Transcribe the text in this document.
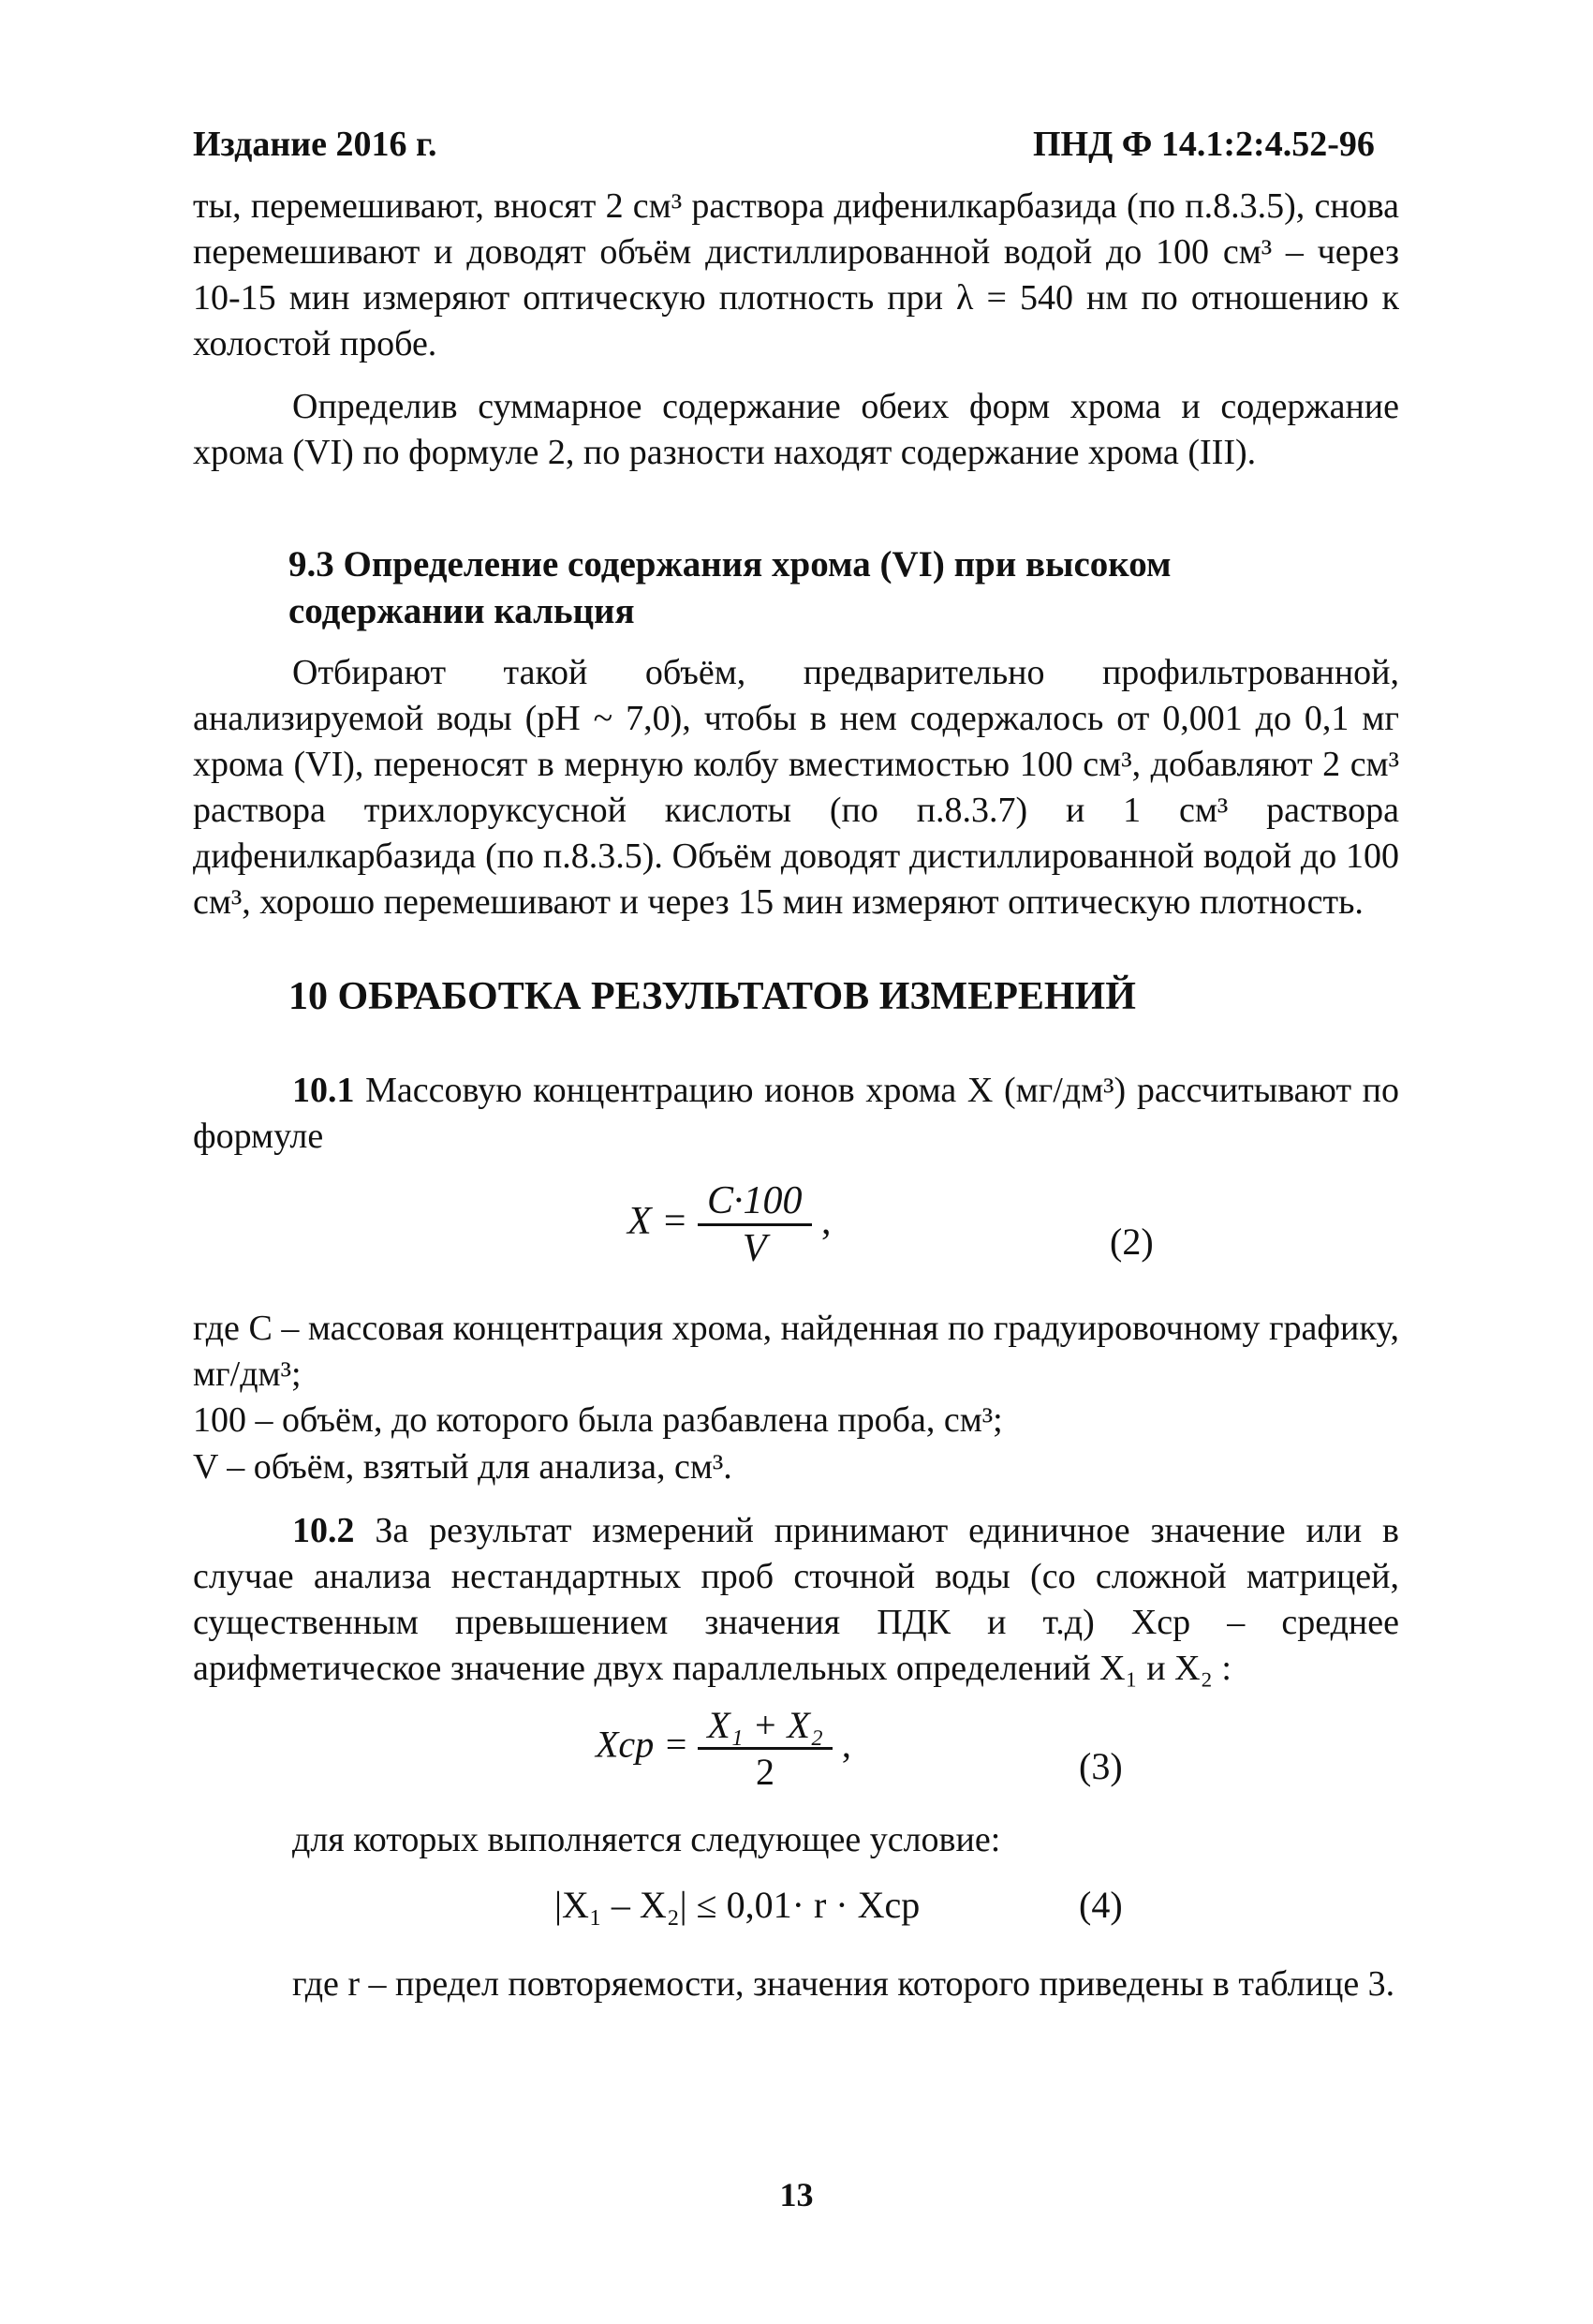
Издание 2016 г.	ПНД Ф 14.1:2:4.52-96

ты, перемешивают, вносят 2 см³ раствора дифенилкарбазида (по п.8.3.5), снова перемешивают и доводят объём дистиллированной водой до 100 см³ – через 10-15 мин измеряют оптическую плотность при λ = 540 нм по отношению к холостой пробе.

Определив суммарное содержание обеих форм хрома и содержание хрома (VI) по формуле 2, по разности находят содержание хрома (III).

9.3 Определение содержания хрома (VI) при высоком содержании кальция

Отбирают такой объём, предварительно профильтрованной, анализируемой воды (pH ~ 7,0), чтобы в нем содержалось от 0,001 до 0,1 мг хрома (VI), переносят в мерную колбу вместимостью 100 см³, добавляют 2 см³ раствора трихлоруксусной кислоты (по п.8.3.7) и 1 см³ раствора дифенилкарбазида (по п.8.3.5). Объём доводят дистиллированной водой до 100 см³, хорошо перемешивают и через 15 мин измеряют оптическую плотность.

10 ОБРАБОТКА РЕЗУЛЬТАТОВ ИЗМЕРЕНИЙ

10.1 Массовую концентрацию ионов хрома X (мг/дм³) рассчитывают по формуле

$X = \frac{C\cdot 100}{V}$ ,	(2)

где С – массовая концентрация хрома, найденная по градуировочному графику, мг/дм³;

100 – объём, до которого была разбавлена проба, см³;

V – объём, взятый для анализа, см³.

10.2 За результат измерений принимают единичное значение или в случае анализа нестандартных проб сточной воды (со сложной матрицей, существенным превышением значения ПДК и т.д) Xср – среднее арифметическое значение двух параллельных определений X₁ и X₂ :

Xср = $\frac{\text{X₁ + X₂}}{2}$ ,
(3)

для которых выполняется следующее условие:

|X₁ – X₂| ≤ 0,01· r · Xср	(4)

где r – предел повторяемости, значения которого приведены в таблице 3.

13
